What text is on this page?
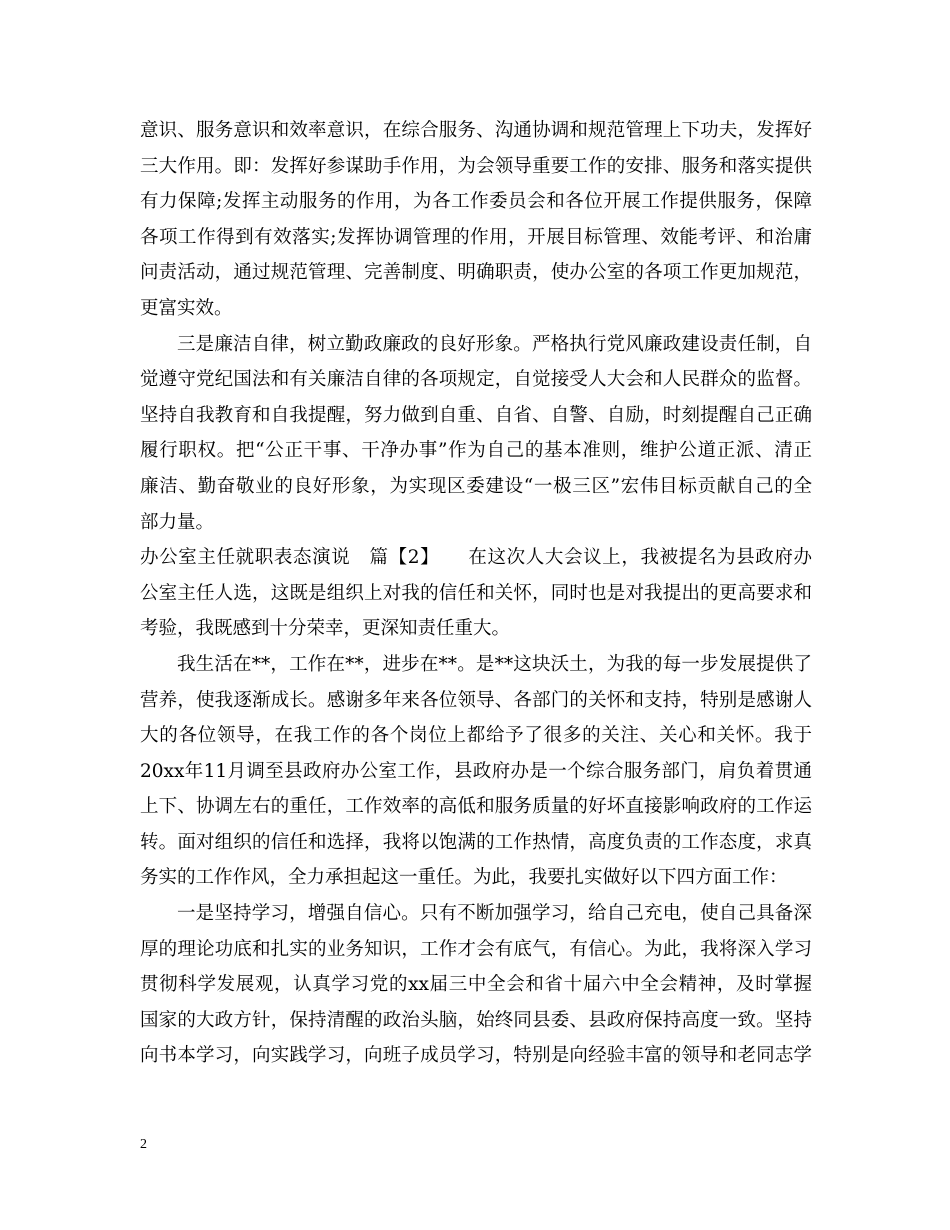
意识、服务意识和效率意识，在综合服务、沟通协调和规范管理上下功夫，发挥好
三大作用。即：发挥好参谋助手作用，为会领导重要工作的安排、服务和落实提供
有力保障;发挥主动服务的作用，为各工作委员会和各位开展工作提供服务，保障
各项工作得到有效落实;发挥协调管理的作用，开展目标管理、效能考评、和治庸
问责活动，通过规范管理、完善制度、明确职责，使办公室的各项工作更加规范，
更富实效。
三是廉洁自律，树立勤政廉政的良好形象。严格执行党风廉政建设责任制，自
觉遵守党纪国法和有关廉洁自律的各项规定，自觉接受人大会和人民群众的监督。
坚持自我教育和自我提醒，努力做到自重、自省、自警、自励，时刻提醒自己正确
履行职权。把“公正干事、干净办事”作为自己的基本准则，维护公道正派、清正
廉洁、勤奋敬业的良好形象，为实现区委建设“一极三区”宏伟目标贡献自己的全
部力量。
办公室主任就职表态演说　篇【2】　　在这次人大会议上，我被提名为县政府办
公室主任人选，这既是组织上对我的信任和关怀，同时也是对我提出的更高要求和
考验，我既感到十分荣幸，更深知责任重大。
我生活在**，工作在**，进步在**。是**这块沃土，为我的每一步发展提供了
营养，使我逐渐成长。感谢多年来各位领导、各部门的关怀和支持，特别是感谢人
大的各位领导，在我工作的各个岗位上都给予了很多的关注、关心和关怀。我于
20xx年11月调至县政府办公室工作，县政府办是一个综合服务部门，肩负着贯通
上下、协调左右的重任，工作效率的高低和服务质量的好坏直接影响政府的工作运
转。面对组织的信任和选择，我将以饱满的工作热情，高度负责的工作态度，求真
务实的工作作风，全力承担起这一重任。为此，我要扎实做好以下四方面工作：
一是坚持学习，增强自信心。只有不断加强学习，给自己充电，使自己具备深
厚的理论功底和扎实的业务知识，工作才会有底气，有信心。为此，我将深入学习
贯彻科学发展观，认真学习党的xx届三中全会和省十届六中全会精神，及时掌握
国家的大政方针，保持清醒的政治头脑，始终同县委、县政府保持高度一致。坚持
向书本学习，向实践学习，向班子成员学习，特别是向经验丰富的领导和老同志学
2
